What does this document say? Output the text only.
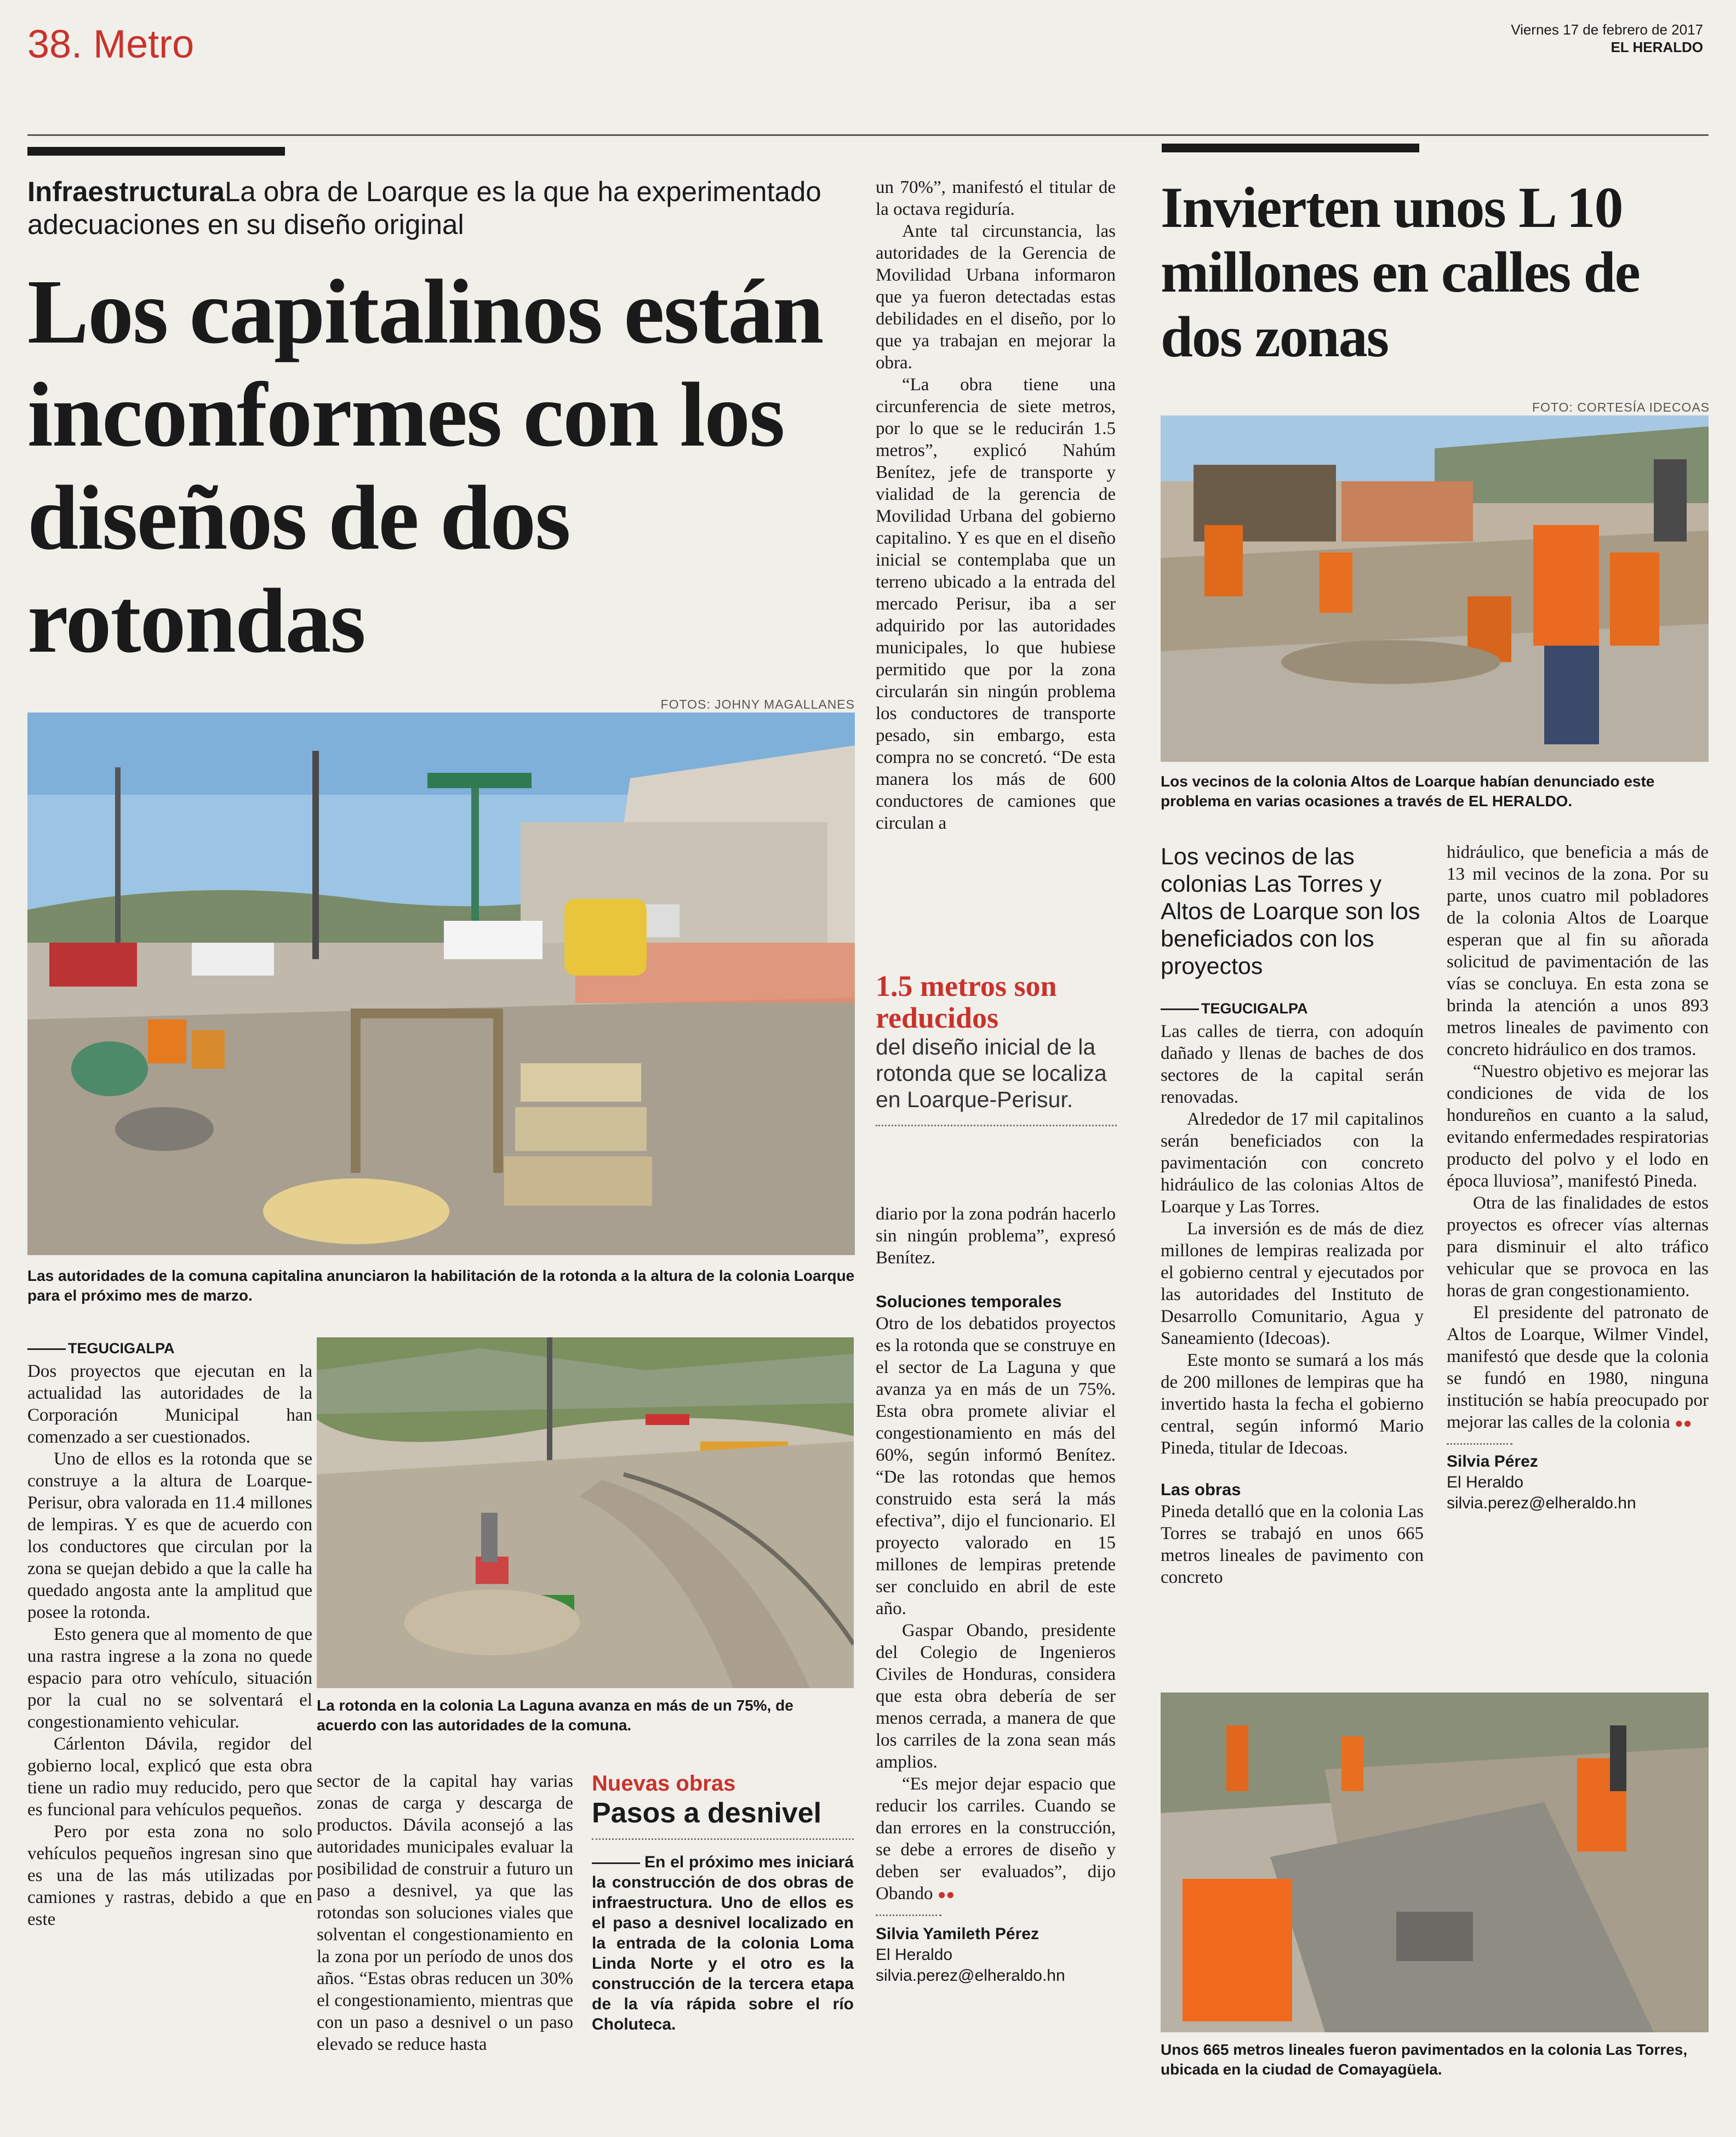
38. Metro	Viernes 17 de febrero de 2017
EL HERALDO
InfraestructuraLa obra de Loarque es la que ha experimentado adecuaciones en su diseño original
Los capitalinos están inconformes con los diseños de dos rotondas
FOTOS: JOHNY MAGALLANES
Las autoridades de la comuna capitalina anunciaron la habilitación de la rotonda a la altura de la colonia Loarque para el próximo mes de marzo.
TEGUCIGALPA

Dos proyectos que ejecutan en la actualidad las autoridades de la Corporación Municipal han comenzado a ser cuestionados.

Uno de ellos es la rotonda que se construye a la altura de Loarque-Perisur, obra valorada en 11.4 millones de lempiras. Y es que de acuerdo con los conductores que circulan por la zona se quejan debido a que la calle ha quedado angosta ante la amplitud que posee la rotonda.

Esto genera que al momento de que una rastra ingrese a la zona no quede espacio para otro vehículo, situación por la cual no se solventará el congestionamiento vehicular.

Cárlenton Dávila, regidor del gobierno local, explicó que esta obra tiene un radio muy reducido, pero que es funcional para vehículos pequeños.

Pero por esta zona no solo vehículos pequeños ingresan sino que es una de las más utilizadas por camiones y rastras, debido a que en este

La rotonda en la colonia La Laguna avanza en más de un 75%, de acuerdo con las autoridades de la comuna.

sector de la capital hay varias zonas de carga y descarga de productos. Dávila aconsejó a las autoridades municipales evaluar la posibilidad de construir a futuro un paso a desnivel, ya que las rotondas son soluciones viales que solventan el congestionamiento en la zona por un período de unos dos años. “Estas obras reducen un 30% el congestionamiento, mientras que con un paso a desnivel o un paso elevado se reduce hasta

Nuevas obras
Pasos a desnivel
En el próximo mes iniciará la construcción de dos obras de infraestructura. Uno de ellos es el paso a desnivel localizado en la entrada de la colonia Loma Linda Norte y el otro es la construcción de la tercera etapa de la vía rápida sobre el río Choluteca.

un 70%”, manifestó el titular de la octava regiduría.

Ante tal circunstancia, las autoridades de la Gerencia de Movilidad Urbana informaron que ya fueron detectadas estas debilidades en el diseño, por lo que ya trabajan en mejorar la obra.

“La obra tiene una circunferencia de siete metros, por lo que se le reducirán 1.5 metros”, explicó Nahúm Benítez, jefe de transporte y vialidad de la gerencia de Movilidad Urbana del gobierno capitalino. Y es que en el diseño inicial se contemplaba que un terreno ubicado a la entrada del mercado Perisur, iba a ser adquirido por las autoridades municipales, lo que hubiese permitido que por la zona circularán sin ningún problema los conductores de transporte pesado, sin embargo, esta compra no se concretó. “De esta manera los más de 600 conductores de camiones que circulan a

1.5 metros son reducidos
del diseño inicial de la rotonda que se localiza en Loarque-Perisur.

diario por la zona podrán hacerlo sin ningún problema”, expresó Benítez.

Soluciones temporales

Otro de los debatidos proyectos es la rotonda que se construye en el sector de La Laguna y que avanza ya en más de un 75%. Esta obra promete aliviar el congestionamiento en más del 60%, según informó Benítez. “De las rotondas que hemos construido esta será la más efectiva”, dijo el funcionario. El proyecto valorado en 15 millones de lempiras pretende ser concluido en abril de este año.

Gaspar Obando, presidente del Colegio de Ingenieros Civiles de Honduras, considera que esta obra debería de ser menos cerrada, a manera de que los carriles de la zona sean más amplios.

“Es mejor dejar espacio que reducir los carriles. Cuando se dan errores en la construcción, se debe a errores de diseño y deben ser evaluados”, dijo Obando ●●

Silvia Yamileth Pérez
El Heraldo
silvia.perez@elheraldo.hn
Invierten unos L 10 millones en calles de dos zonas
FOTO: CORTESÍA IDECOAS
Los vecinos de la colonia Altos de Loarque habían denunciado este problema en varias ocasiones a través de EL HERALDO.
Los vecinos de las colonias Las Torres y Altos de Loarque son los beneficiados con los proyectos
TEGUCIGALPA

Las calles de tierra, con adoquín dañado y llenas de baches de dos sectores de la capital serán renovadas.

Alrededor de 17 mil capitalinos serán beneficiados con la pavimentación con concreto hidráulico de las colonias Altos de Loarque y Las Torres.

La inversión es de más de diez millones de lempiras realizada por el gobierno central y ejecutados por las autoridades del Instituto de Desarrollo Comunitario, Agua y Saneamiento (Idecoas).

Este monto se sumará a los más de 200 millones de lempiras que ha invertido hasta la fecha el gobierno central, según informó Mario Pineda, titular de Idecoas.

Las obras

Pineda detalló que en la colonia Las Torres se trabajó en unos 665 metros lineales de pavimento con concreto

hidráulico, que beneficia a más de 13 mil vecinos de la zona. Por su parte, unos cuatro mil pobladores de la colonia Altos de Loarque esperan que al fin su añorada solicitud de pavimentación de las vías se concluya. En esta zona se brinda la atención a unos 893 metros lineales de pavimento con concreto hidráulico en dos tramos.

“Nuestro objetivo es mejorar las condiciones de vida de los hondureños en cuanto a la salud, evitando enfermedades respiratorias producto del polvo y el lodo en época lluviosa”, manifestó Pineda.

Otra de las finalidades de estos proyectos es ofrecer vías alternas para disminuir el alto tráfico vehicular que se provoca en las horas de gran congestionamiento.

El presidente del patronato de Altos de Loarque, Wilmer Vindel, manifestó que desde que la colonia se fundó en 1980, ninguna institución se había preocupado por mejorar las calles de la colonia ●●

Silvia Pérez
El Heraldo
silvia.perez@elheraldo.hn
Unos 665 metros lineales fueron pavimentados en la colonia Las Torres, ubicada en la ciudad de Comayagüela.
